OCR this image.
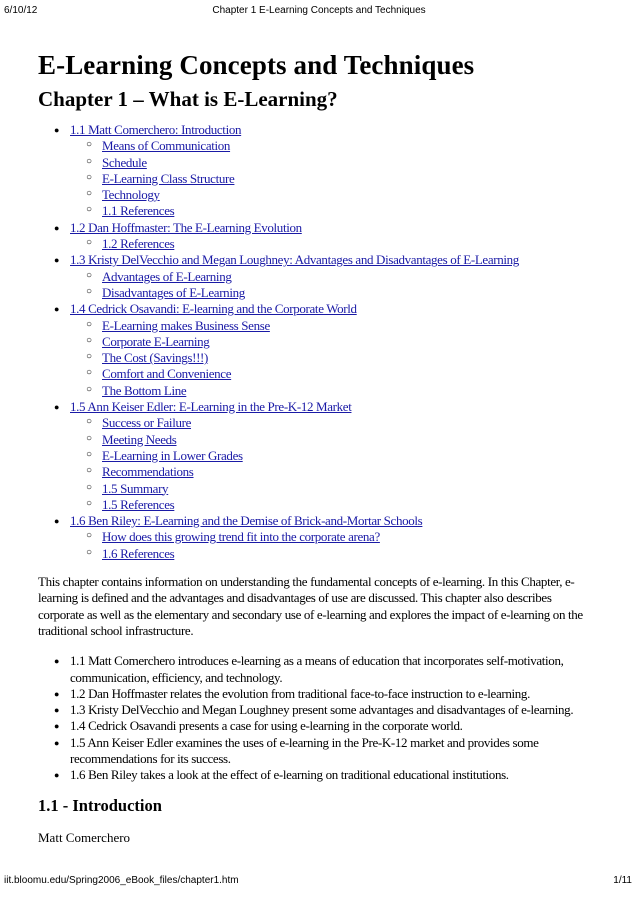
6/10/12	Chapter 1 E-Learning Concepts and Techniques
E-Learning Concepts and Techniques
Chapter 1 – What is E-Learning?
● 1.1 Matt Comerchero: Introduction
○ Means of Communication
○ Schedule
○ E-Learning Class Structure
○ Technology
○ 1.1 References
● 1.2 Dan Hoffmaster: The E-Learning Evolution
○ 1.2 References
● 1.3 Kristy DelVecchio and Megan Loughney: Advantages and Disadvantages of E-Learning
○ Advantages of E-Learning
○ Disadvantages of E-Learning
● 1.4 Cedrick Osavandi: E-learning and the Corporate World
○ E-Learning makes Business Sense
○ Corporate E-Learning
○ The Cost (Savings!!!)
○ Comfort and Convenience
○ The Bottom Line
● 1.5 Ann Keiser Edler: E-Learning in the Pre-K-12 Market
○ Success or Failure
○ Meeting Needs
○ E-Learning in Lower Grades
○ Recommendations
○ 1.5 Summary
○ 1.5 References
● 1.6 Ben Riley: E-Learning and the Demise of Brick-and-Mortar Schools
○ How does this growing trend fit into the corporate arena?
○ 1.6 References

This chapter contains information on understanding the fundamental concepts of e-learning. In this Chapter, e-learning is defined and the advantages and disadvantages of use are discussed. This chapter also describes corporate as well as the elementary and secondary use of e-learning and explores the impact of e-learning on the traditional school infrastructure.

● 1.1 Matt Comerchero introduces e-learning as a means of education that incorporates self-motivation, communication, efficiency, and technology.
● 1.2 Dan Hoffmaster relates the evolution from traditional face-to-face instruction to e-learning.
● 1.3 Kristy DelVecchio and Megan Loughney present some advantages and disadvantages of e-learning.
● 1.4 Cedrick Osavandi presents a case for using e-learning in the corporate world.
● 1.5 Ann Keiser Edler examines the uses of e-learning in the Pre-K-12 market and provides some recommendations for its success.
● 1.6 Ben Riley takes a look at the effect of e-learning on traditional educational institutions.
1.1 - Introduction

Matt Comerchero

iit.bloomu.edu/Spring2006_eBook_files/chapter1.htm	1/11
